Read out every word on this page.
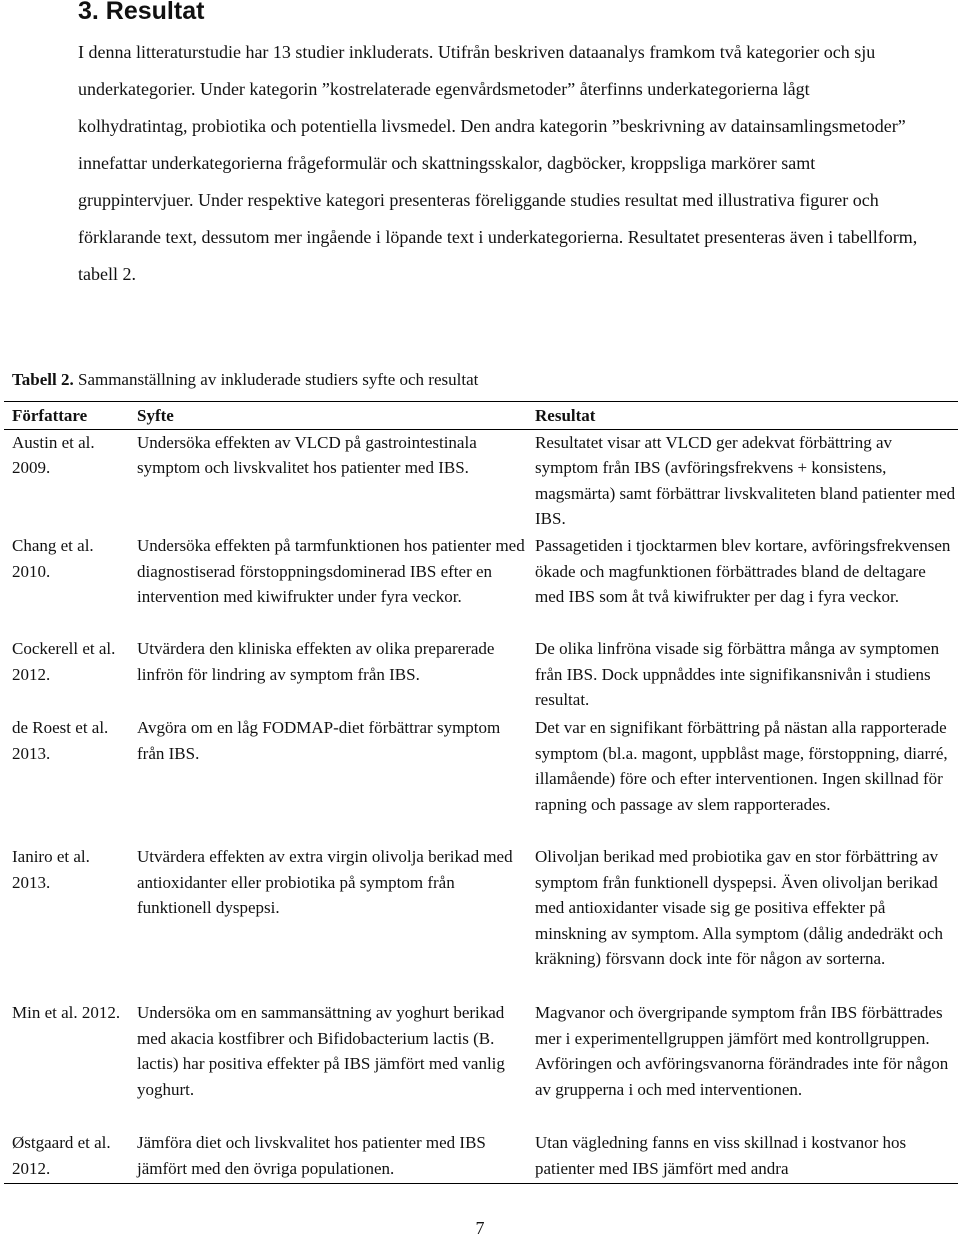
3. Resultat

I denna litteraturstudie har 13 studier inkluderats. Utifrån beskriven dataanalys framkom två kategorier och sju underkategorier. Under kategorin ”kostrelaterade egenvårdsmetoder” återfinns underkategorierna lågt kolhydratintag, probiotika och potentiella livsmedel. Den andra kategorin ”beskrivning av datainsamlingsmetoder” innefattar underkategorierna frågeformulär och skattningsskalor, dagböcker, kroppsliga markörer samt gruppintervjuer. Under respektive kategori presenteras föreliggande studies resultat med illustrativa figurer och förklarande text, dessutom mer ingående i löpande text i underkategorierna. Resultatet presenteras även i tabellform, tabell 2.

Tabell 2. Sammanställning av inkluderade studiers syfte och resultat

Författare	Syfte	Resultat
Austin et al. 2009.	Undersöka effekten av VLCD på gastrointestinala symptom och livskvalitet hos patienter med IBS.	Resultatet visar att VLCD ger adekvat förbättring av symptom från IBS (avföringsfrekvens + konsistens, magsmärta) samt förbättrar livskvaliteten bland patienter med IBS.
Chang et al. 2010.	Undersöka effekten på tarmfunktionen hos patienter med diagnostiserad förstoppningsdominerad IBS efter en intervention med kiwifrukter under fyra veckor.	Passagetiden i tjocktarmen blev kortare, avföringsfrekvensen ökade och magfunktionen förbättrades bland de deltagare med IBS som åt två kiwifrukter per dag i fyra veckor.
Cockerell et al. 2012.	Utvärdera den kliniska effekten av olika preparerade linfrön för lindring av symptom från IBS.	De olika linfröna visade sig förbättra många av symptomen från IBS. Dock uppnåddes inte signifikansnivån i studiens resultat.
de Roest et al. 2013.	Avgöra om en låg FODMAP-diet förbättrar symptom från IBS.	Det var en signifikant förbättring på nästan alla rapporterade symptom (bl.a. magont, uppblåst mage, förstoppning, diarré, illamående) före och efter interventionen. Ingen skillnad för rapning och passage av slem rapporterades.
Ianiro et al. 2013.	Utvärdera effekten av extra virgin olivolja berikad med antioxidanter eller probiotika på symptom från funktionell dyspepsi.	Olivoljan berikad med probiotika gav en stor förbättring av symptom från funktionell dyspepsi. Även olivoljan berikad med antioxidanter visade sig ge positiva effekter på minskning av symptom. Alla symptom (dålig andedräkt och kräkning) försvann dock inte för någon av sorterna.
Min et al. 2012.	Undersöka om en sammansättning av yoghurt berikad med akacia kostfibrer och Bifidobacterium lactis (B. lactis) har positiva effekter på IBS jämfört med vanlig yoghurt.	Magvanor och övergripande symptom från IBS förbättrades mer i experimentellgruppen jämfört med kontrollgruppen. Avföringen och avföringsvanorna förändrades inte för någon av grupperna i och med interventionen.
Østgaard et al. 2012.	Jämföra diet och livskvalitet hos patienter med IBS jämfört med den övriga populationen.	Utan vägledning fanns en viss skillnad i kostvanor hos patienter med IBS jämfört med andra
7
